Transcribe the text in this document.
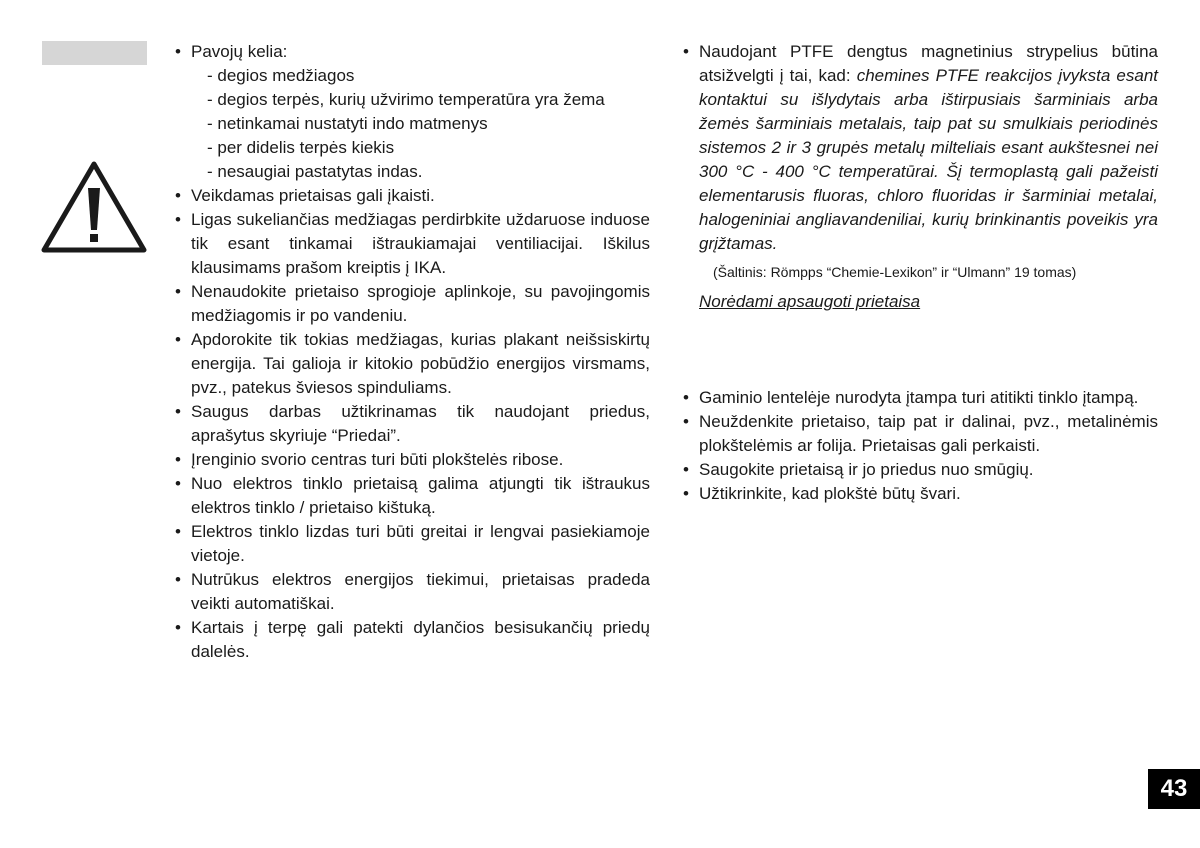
• Pavojų kelia:
- degios medžiagos
- degios terpės, kurių užvirimo temperatūra yra žema
- netinkamai nustatyti indo matmenys
- per didelis terpės kiekis
- nesaugiai pastatytas indas.
• Veikdamas prietaisas gali įkaisti.
• Ligas sukeliančias medžiagas perdirbkite uždaruose induose tik esant tinkamai ištraukiamajai ventiliacijai. Iškilus klausimams prašom kreiptis į IKA.
• Nenaudokite prietaiso sprogioje aplinkoje, su pavojingomis medžiagomis ir po vandeniu.
• Apdorokite tik tokias medžiagas, kurias plakant neišsiskirtų energija. Tai galioja ir kitokio pobūdžio energijos virsmams, pvz., patekus šviesos spinduliams.
• Saugus darbas užtikrinamas tik naudojant priedus, aprašytus skyriuje “Priedai”.
• Įrenginio svorio centras turi būti plokštelės ribose.
• Nuo elektros tinklo prietaisą galima atjungti tik ištraukus elektros tinklo / prietaiso kištuką.
• Elektros tinklo lizdas turi būti greitai ir lengvai pasiekiamoje vietoje.
• Nutrūkus elektros energijos tiekimui, prietaisas pradeda veikti automatiškai.
• Kartais į terpę gali patekti dylančios besisukančių priedų dalelės.
• Naudojant PTFE dengtus magnetinius strypelius būtina atsižvelgti į tai, kad: chemines PTFE reakcijos įvyksta esant kontaktui su išlydytais arba ištirpusiais šarminiais arba žemės šarminiais metalais, taip pat su smulkiais periodinės sistemos 2 ir 3 grupės metalų milteliais esant aukštesnei nei 300 °C - 400 °C temperatūrai. Šį termoplastą gali pažeisti elementarusis fluoras, chloro fluoridas ir šarminiai metalai, halogeniniai angliavandeniliai, kurių brinkinantis poveikis yra grįžtamas.
(Šaltinis: Römpps “Chemie-Lexikon” ir “Ulmann” 19 tomas)
Norėdami apsaugoti prietaisa
• Gaminio lentelėje nurodyta įtampa turi atitikti tinklo įtampą.
• Neuždenkite prietaiso, taip pat ir dalinai, pvz., metalinėmis plokštelėmis ar folija. Prietaisas gali perkaisti.
• Saugokite prietaisą ir jo priedus nuo smūgių.
• Užtikrinkite, kad plokštė būtų švari.
43
